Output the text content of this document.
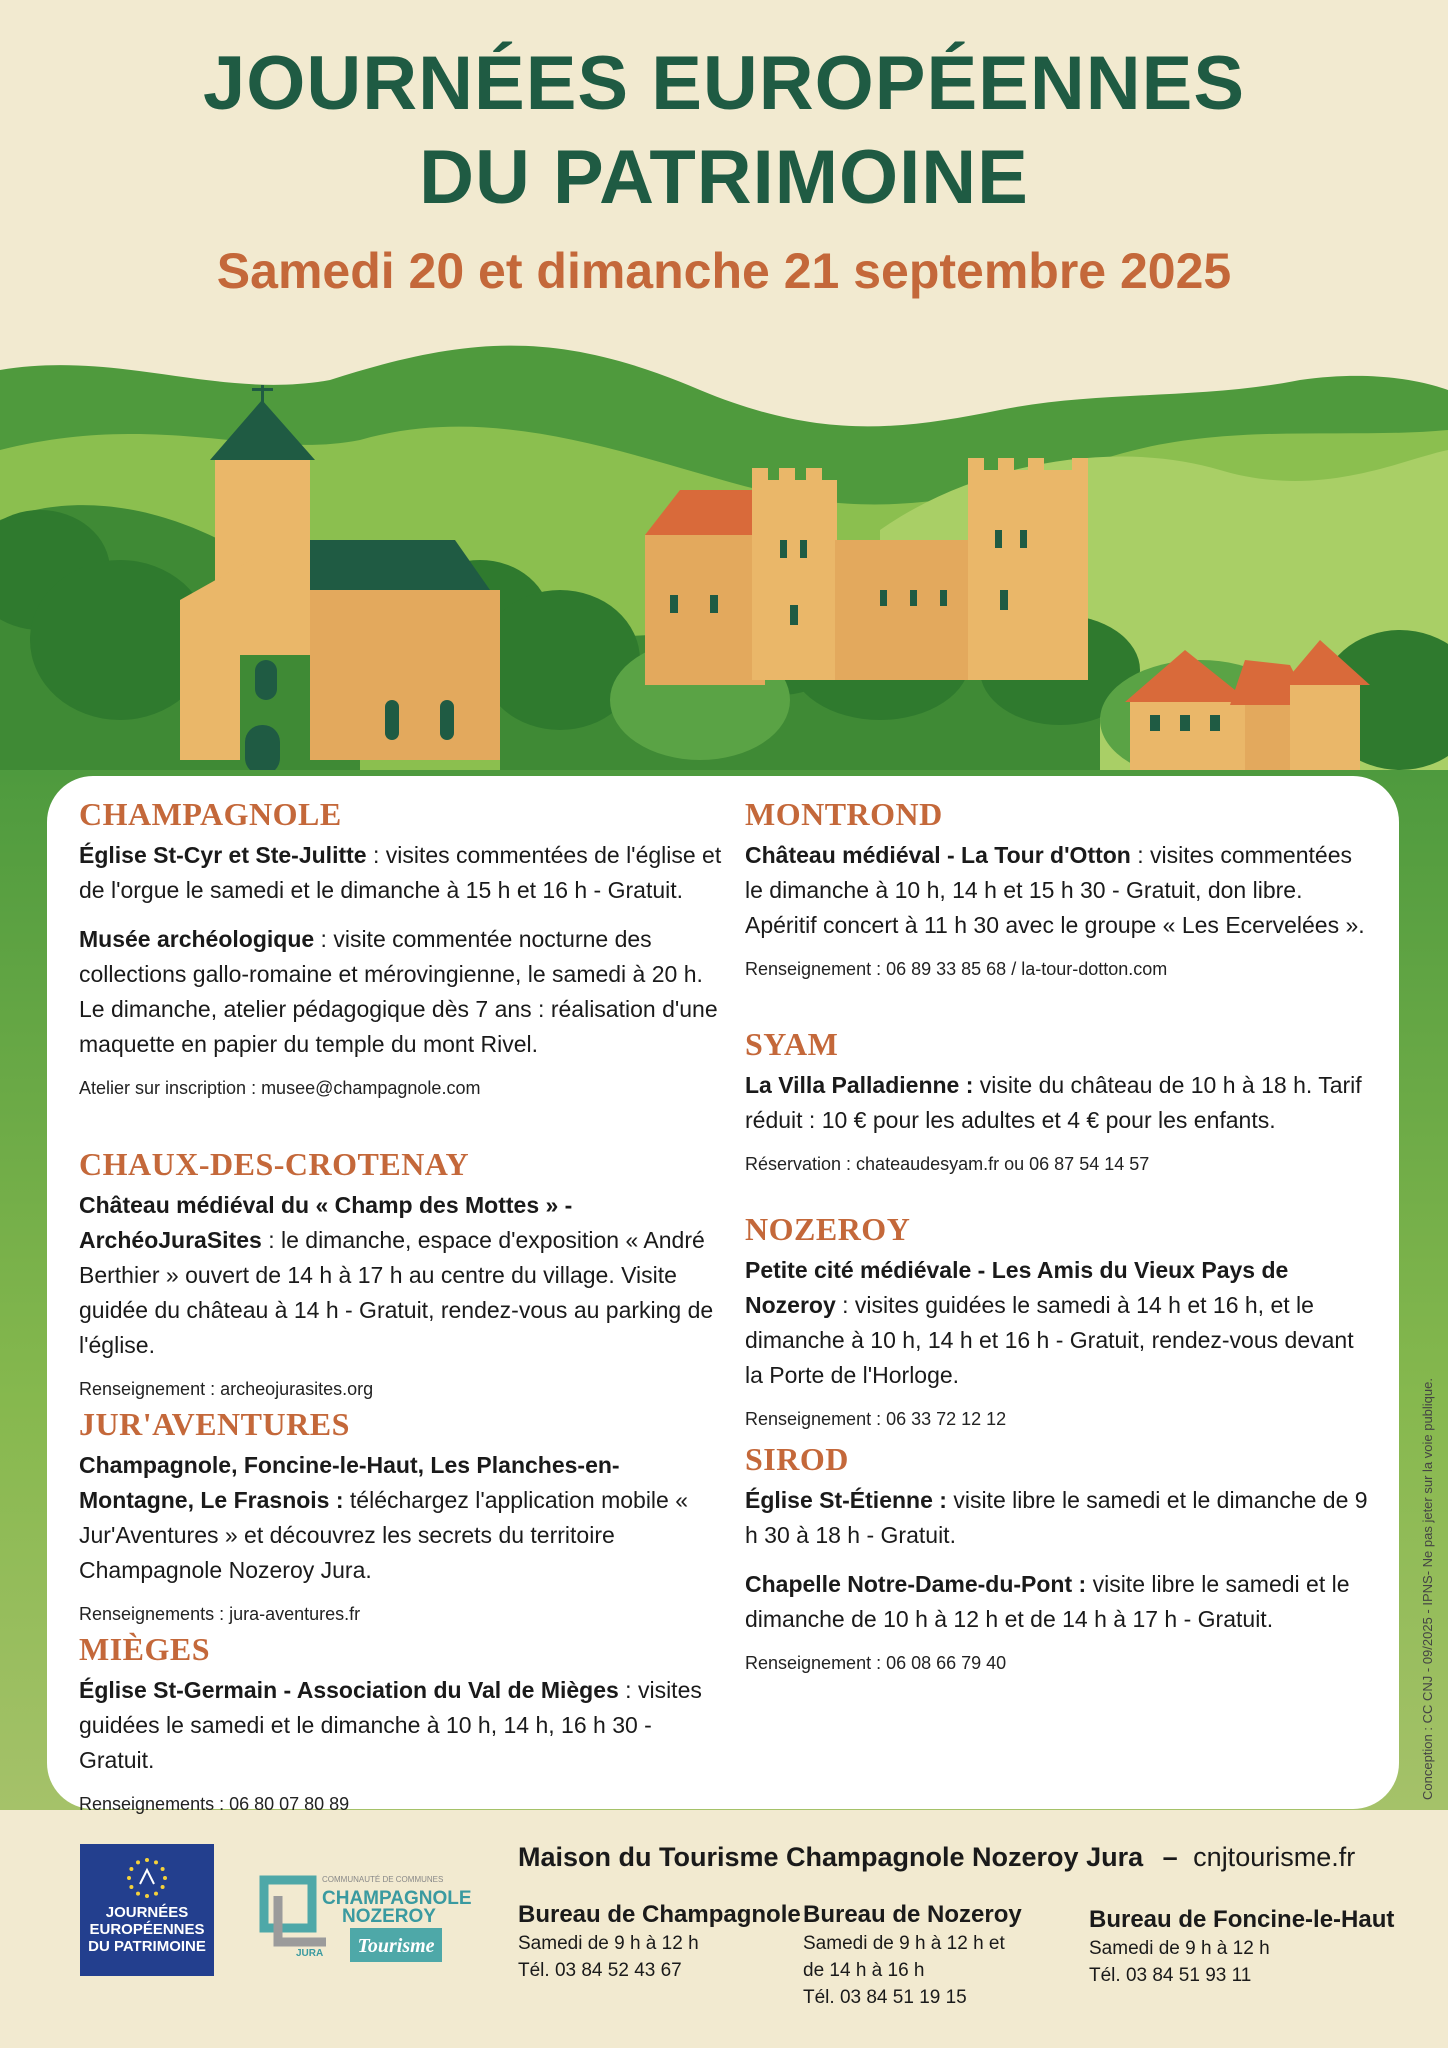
JOURNÉES EUROPÉENNES
DU PATRIMOINE
Samedi 20 et dimanche 21 septembre 2025
CHAMPAGNOLE

Église St-Cyr et Ste-Julitte : visites commentées de l'église et de l'orgue le samedi et le dimanche à 15 h et 16 h - Gratuit.

Musée archéologique : visite commentée nocturne des collections gallo-romaine et mérovingienne, le samedi à 20 h. Le dimanche, atelier pédagogique dès 7 ans : réalisation d'une maquette en papier du temple du mont Rivel.

Atelier sur inscription : musee@champagnole.com

CHAUX-DES-CROTENAY

Château médiéval du « Champ des Mottes » - ArchéoJuraSites : le dimanche, espace d'exposition « André Berthier » ouvert de 14 h à 17 h au centre du village. Visite guidée du château à 14 h - Gratuit, rendez-vous au parking de l'église.

Renseignement : archeojurasites.org

JUR'AVENTURES

Champagnole, Foncine-le-Haut, Les Planches-en-Montagne, Le Frasnois : téléchargez l'application mobile « Jur'Aventures » et découvrez les secrets du territoire Champagnole Nozeroy Jura.

Renseignements : jura-aventures.fr

MIÈGES

Église St-Germain - Association du Val de Mièges : visites guidées le samedi et le dimanche à 10 h, 14 h, 16 h 30 - Gratuit.

Renseignements : 06 80 07 80 89

MONTROND

Château médiéval - La Tour d'Otton : visites commentées le dimanche à 10 h, 14 h et 15 h 30 - Gratuit, don libre. Apéritif concert à 11 h 30 avec le groupe « Les Ecervelées ».

Renseignement : 06 89 33 85 68 / la-tour-dotton.com

SYAM

La Villa Palladienne : visite du château de 10 h à 18 h. Tarif réduit : 10 € pour les adultes et 4 € pour les enfants.

Réservation : chateaudesyam.fr ou 06 87 54 14 57

NOZEROY

Petite cité médiévale - Les Amis du Vieux Pays de Nozeroy : visites guidées le samedi à 14 h et 16 h, et le dimanche à 10 h, 14 h et 16 h - Gratuit, rendez-vous devant la Porte de l'Horloge.

Renseignement : 06 33 72 12 12

SIROD

Église St-Étienne : visite libre le samedi et le dimanche de 9 h 30 à 18 h - Gratuit.

Chapelle Notre-Dame-du-Pont : visite libre le samedi et le dimanche de 10 h à 12 h et de 14 h à 17 h - Gratuit.

Renseignement : 06 08 66 79 40

JOURNÉES EUROPÉENNES DU PATRIMOINE
COMMUNAUTÉ DE COMMUNES
CHAMPAGNOLE
NOZEROY
JURA Tourisme
Maison du Tourisme Champagnole Nozeroy Jura – cnjtourisme.fr
Bureau de Champagnole
Samedi de 9 h à 12 h
Tél. 03 84 52 43 67
Bureau de Nozeroy
Samedi de 9 h à 12 h et
de 14 h à 16 h
Tél. 03 84 51 19 15
Bureau de Foncine-le-Haut
Samedi de 9 h à 12 h
Tél. 03 84 51 93 11
Conception : CC CNJ - 09/2025 - IPNS- Ne pas jeter sur la voie publique.
